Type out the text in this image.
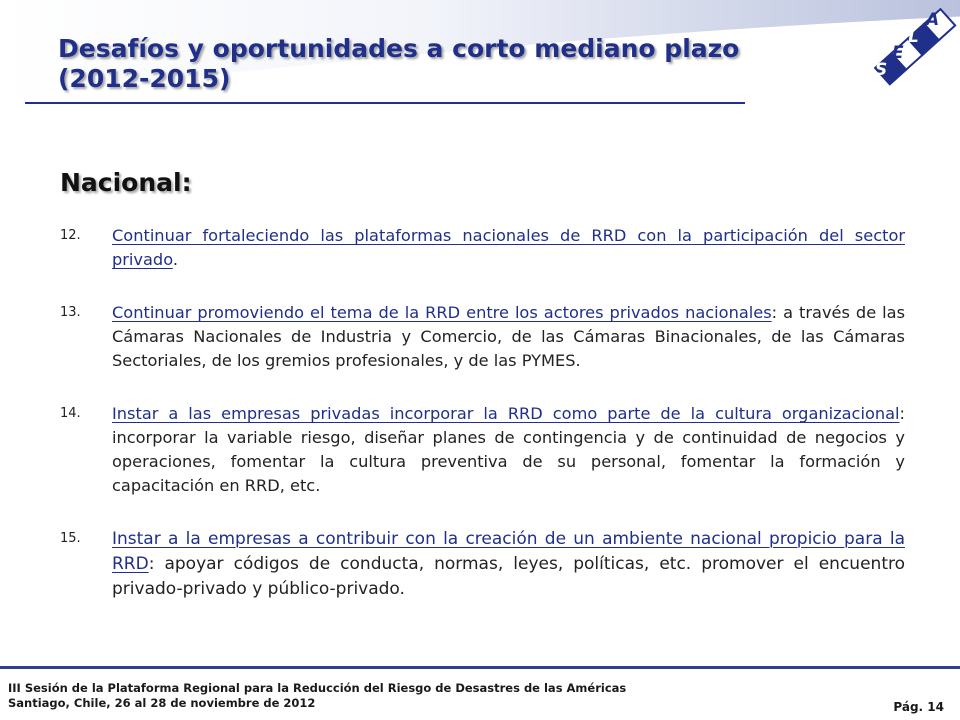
Desafíos y oportunidades a corto mediano plazo
(2012-2015)	S
E
L
A
Nacional:
12. Continuar fortaleciendo las plataformas nacionales de RRD con la participación del sector privado.
13. Continuar promoviendo el tema de la RRD entre los actores privados nacionales: a través de las Cámaras Nacionales de Industria y Comercio, de las Cámaras Binacionales, de las Cámaras Sectoriales, de los gremios profesionales, y de las PYMES.
14. Instar a las empresas privadas incorporar la RRD como parte de la cultura organizacional: incorporar la variable riesgo, diseñar planes de contingencia y de continuidad de negocios y operaciones, fomentar la cultura preventiva de su personal, fomentar la formación y capacitación en RRD, etc.
15. Instar a la empresas a contribuir con la creación de un ambiente nacional propicio para la RRD: apoyar códigos de conducta, normas, leyes, políticas, etc. promover el encuentro privado-privado y público-privado.

III Sesión de la Plataforma Regional para la Reducción del Riesgo de Desastres de las Américas
Santiago, Chile, 26 al 28 de noviembre de 2012	Pág. 14
